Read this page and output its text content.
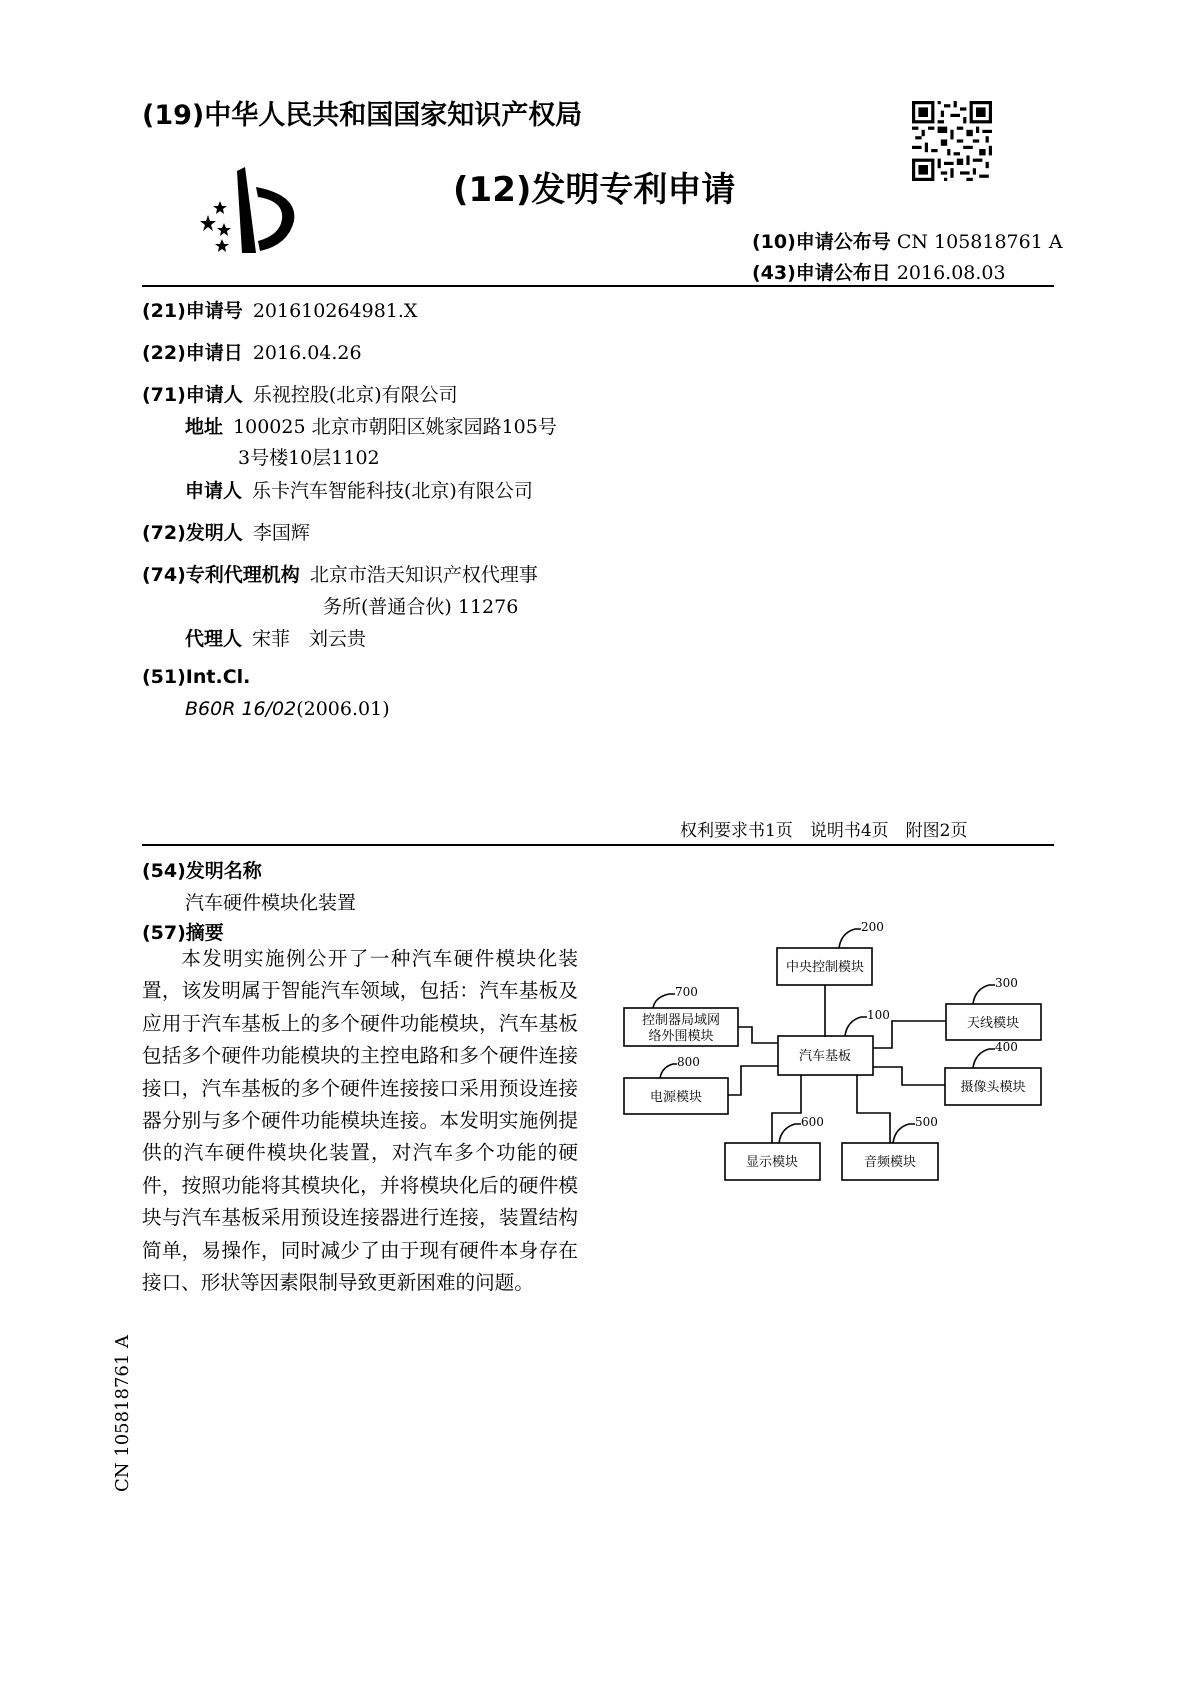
(19)中华人民共和国国家知识产权局
(12)发明专利申请
(10)申请公布号 CN 105818761 A
(43)申请公布日 2016.08.03
(21)申请号 201610264981.X
(22)申请日 2016.04.26
(71)申请人 乐视控股(北京)有限公司
地址 100025 北京市朝阳区姚家园路105号
3号楼10层1102
申请人 乐卡汽车智能科技(北京)有限公司
(72)发明人 李国辉
(74)专利代理机构 北京市浩天知识产权代理事
务所(普通合伙) 11276
代理人 宋菲　刘云贵
(51)Int.Cl.
B60R 16/02(2006.01)
权利要求书1页　说明书4页　附图2页
(54)发明名称
汽车硬件模块化装置
(57)摘要
本发明实施例公开了一种汽车硬件模块化装置，该发明属于智能汽车领域，包括：汽车基板及应用于汽车基板上的多个硬件功能模块，汽车基板包括多个硬件功能模块的主控电路和多个硬件连接接口，汽车基板的多个硬件连接接口采用预设连接器分别与多个硬件功能模块连接。本发明实施例提供的汽车硬件模块化装置，对汽车多个功能的硬件，按照功能将其模块化，并将模块化后的硬件模块与汽车基板采用预设连接器进行连接，装置结构简单，易操作，同时减少了由于现有硬件本身存在接口、形状等因素限制导致更新困难的问题。
汽车基板
中央控制模块
天线模块
摄像头模块
音频模块
显示模块
控制器局域网
络外围模块
电源模块
200
100
300
400
500
600
700
800
CN 105818761 A
